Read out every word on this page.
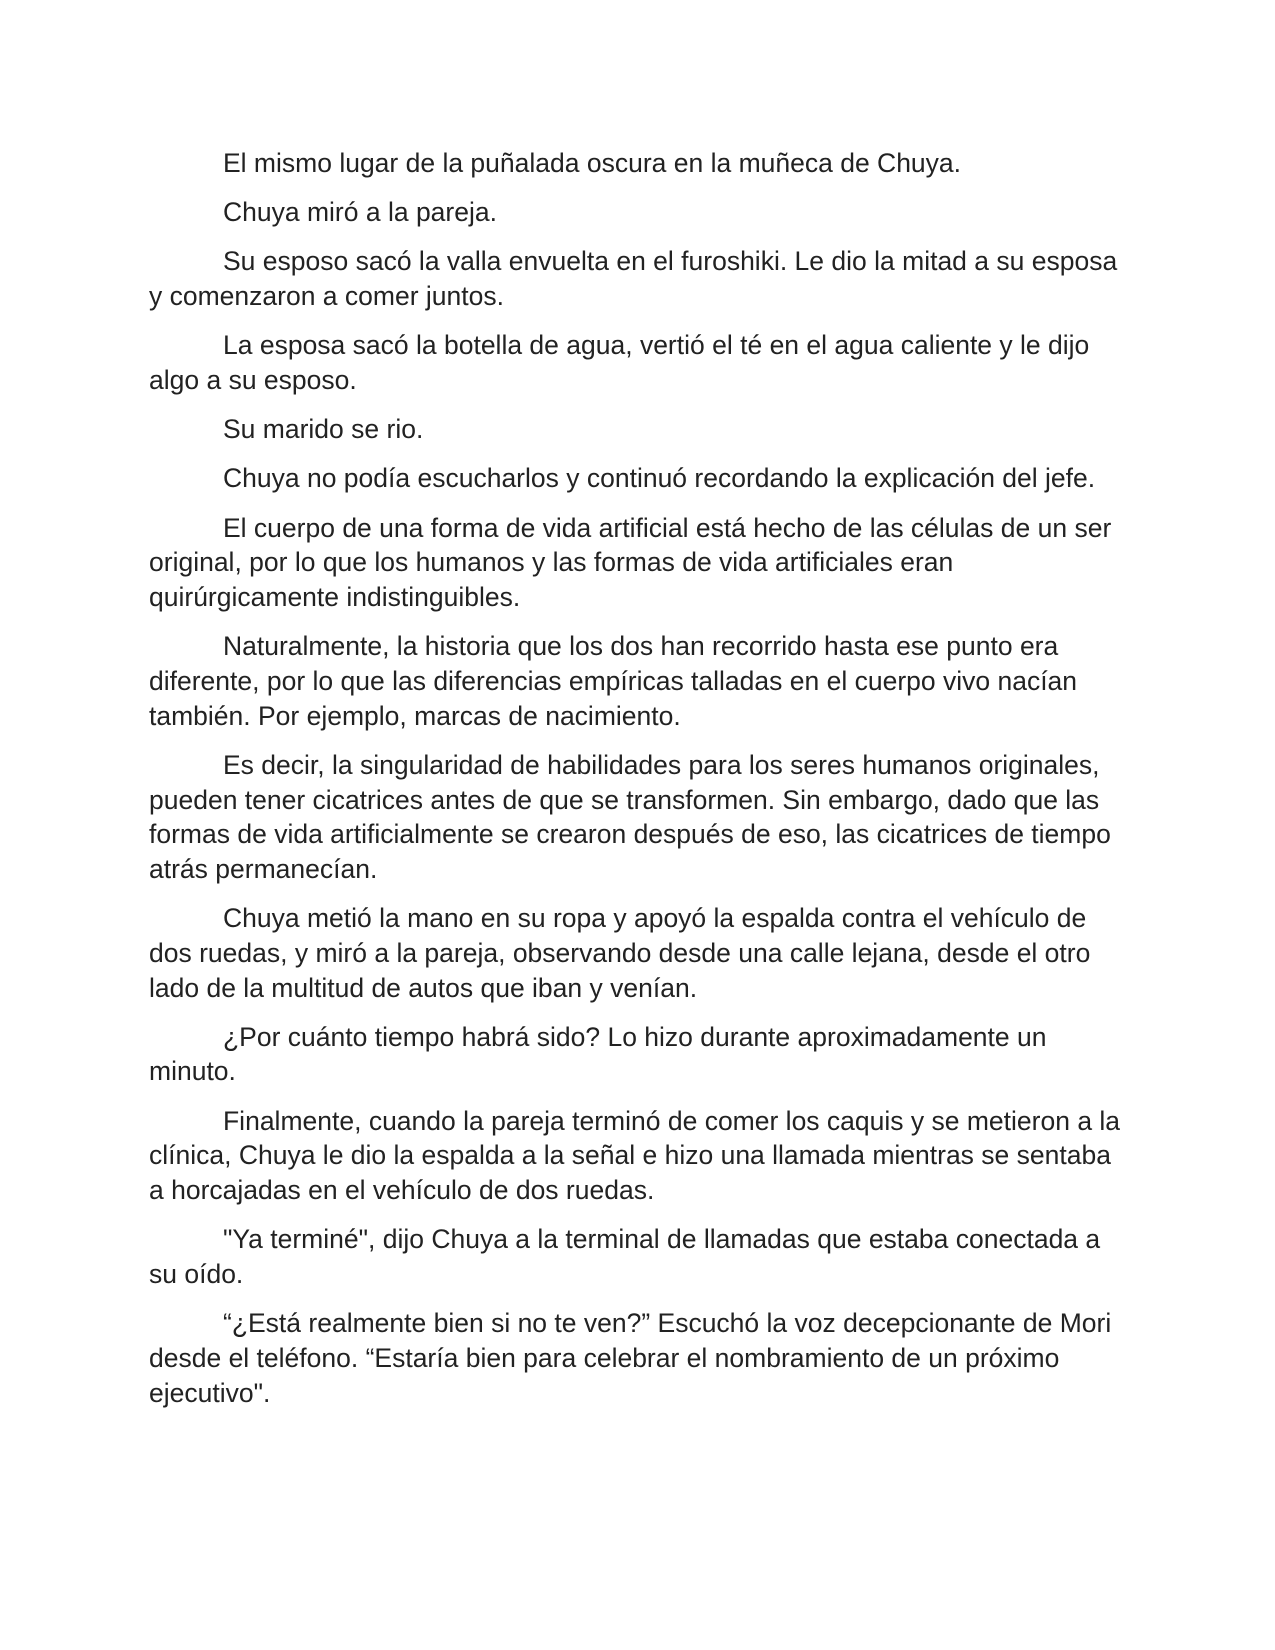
El mismo lugar de la puñalada oscura en la muñeca de Chuya.

Chuya miró a la pareja.

Su esposo sacó la valla envuelta en el furoshiki. Le dio la mitad a su esposa y comenzaron a comer juntos.

La esposa sacó la botella de agua, vertió el té en el agua caliente y le dijo algo a su esposo.

Su marido se rio.

Chuya no podía escucharlos y continuó recordando la explicación del jefe.

El cuerpo de una forma de vida artificial está hecho de las células de un ser original, por lo que los humanos y las formas de vida artificiales eran quirúrgicamente indistinguibles.

Naturalmente, la historia que los dos han recorrido hasta ese punto era diferente, por lo que las diferencias empíricas talladas en el cuerpo vivo nacían también. Por ejemplo, marcas de nacimiento.

Es decir, la singularidad de habilidades para los seres humanos originales, pueden tener cicatrices antes de que se transformen. Sin embargo, dado que las formas de vida artificialmente se crearon después de eso, las cicatrices de tiempo atrás permanecían.

Chuya metió la mano en su ropa y apoyó la espalda contra el vehículo de dos ruedas, y miró a la pareja, observando desde una calle lejana, desde el otro lado de la multitud de autos que iban y venían.

¿Por cuánto tiempo habrá sido? Lo hizo durante aproximadamente un minuto.

Finalmente, cuando la pareja terminó de comer los caquis y se metieron a la clínica, Chuya le dio la espalda a la señal e hizo una llamada mientras se sentaba a horcajadas en el vehículo de dos ruedas.

"Ya terminé", dijo Chuya a la terminal de llamadas que estaba conectada a su oído.

“¿Está realmente bien si no te ven?” Escuchó la voz decepcionante de Mori desde el teléfono. “Estaría bien para celebrar el nombramiento de un próximo ejecutivo".
